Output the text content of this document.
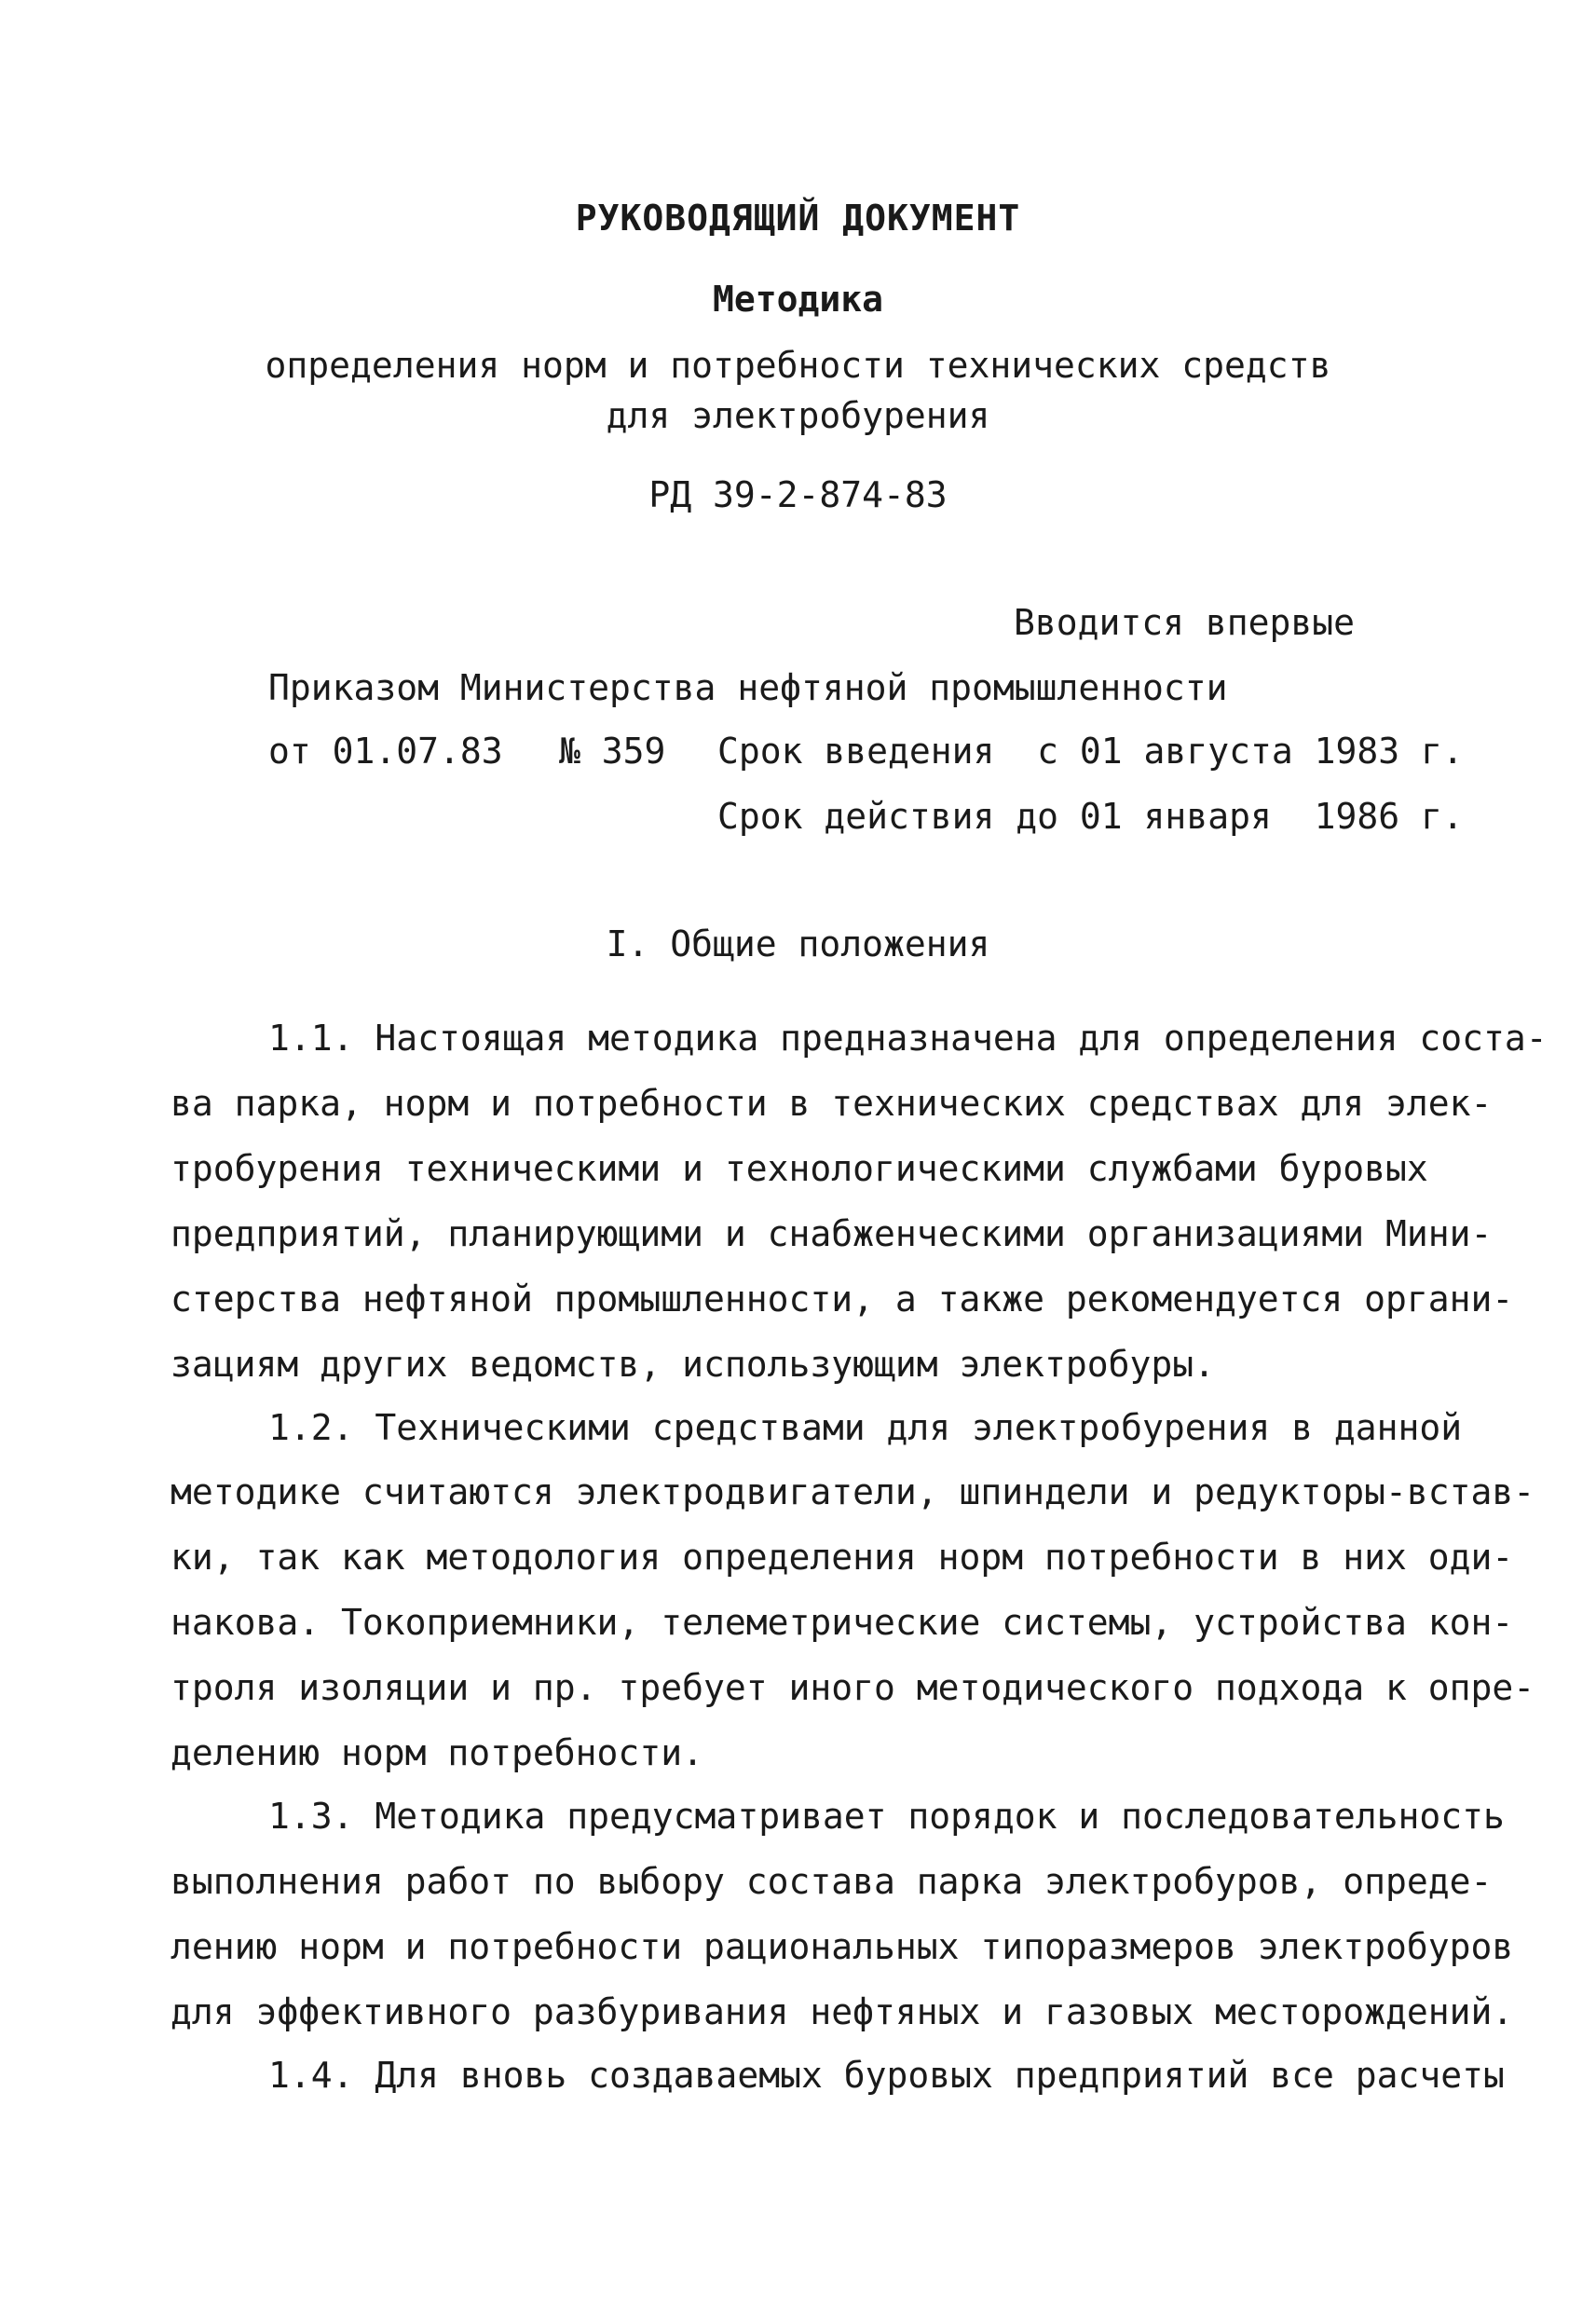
РУКОВОДЯЩИЙ ДОКУМЕНТ
Методика
определения норм и потребности технических средств
для электробурения
РД 39-2-874-83
Вводится впервые
Приказом Министерства нефтяной промышленности
от 01.07.83 № 359 Срок введения  с 01 августа 1983 г.
Срок действия до 01 января  1986 г.
I. Общие положения
1.1. Настоящая методика предназначена для определения соста-
ва парка, норм и потребности в технических средствах для элек-
тробурения техническими и технологическими службами буровых
предприятий, планирующими и снабженческими организациями Мини-
стерства нефтяной промышленности, а также рекомендуется органи-
зациям других ведомств, использующим электробуры.
1.2. Техническими средствами для электробурения в данной
методике считаются электродвигатели, шпиндели и редукторы-встав-
ки, так как методология определения норм потребности в них оди-
накова. Токоприемники, телеметрические системы, устройства кон-
троля изоляции и пр. требует иного методического подхода к опре-
делению норм потребности.
1.3. Методика предусматривает порядок и последовательность
выполнения работ по выбору состава парка электробуров, опреде-
лению норм и потребности рациональных типоразмеров электробуров
для эффективного разбуривания нефтяных и газовых месторождений.
1.4. Для вновь создаваемых буровых предприятий все расчеты
